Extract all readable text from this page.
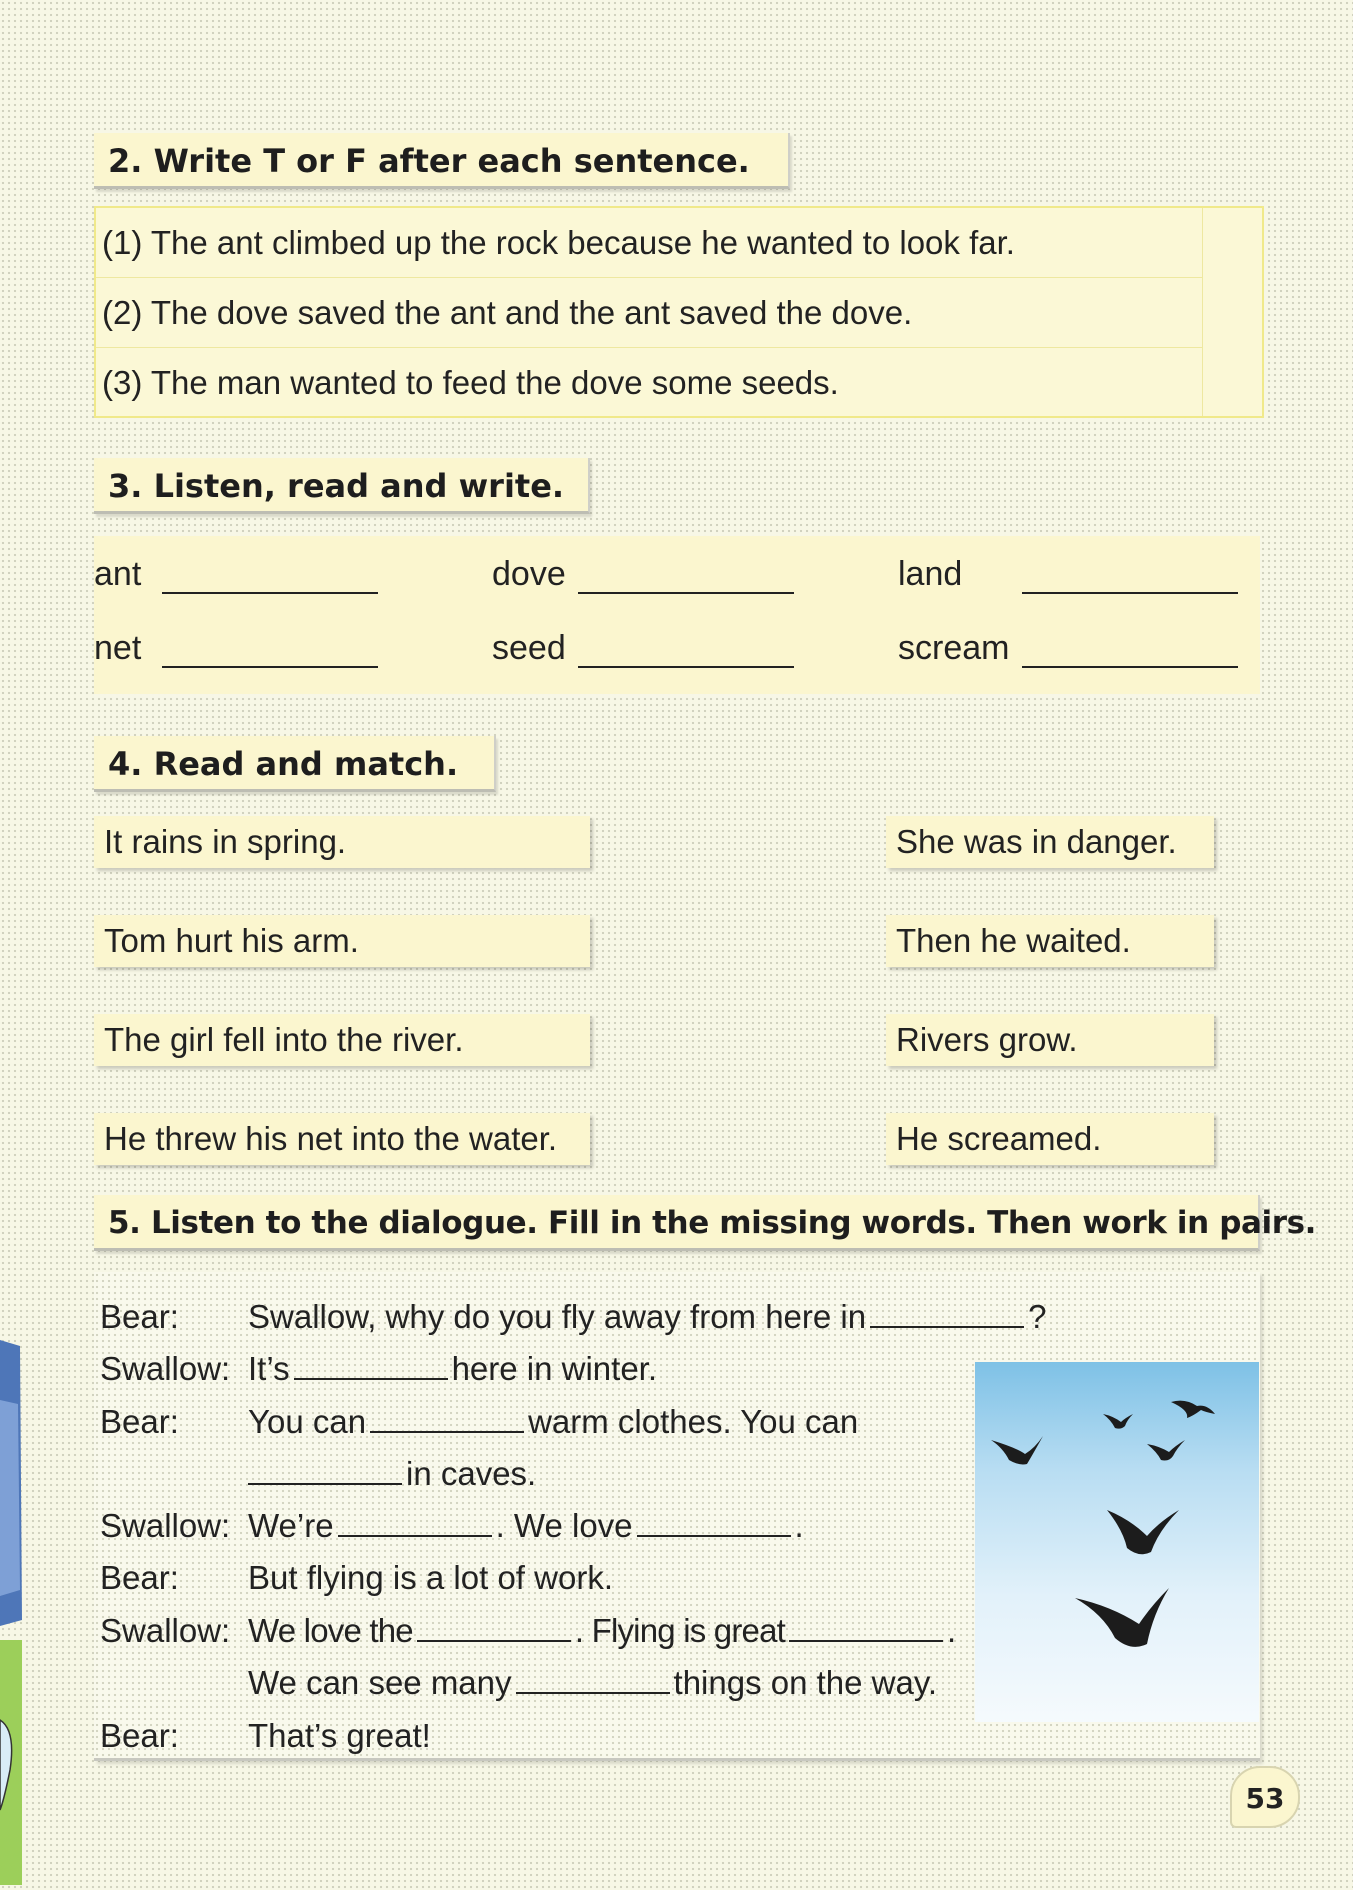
2. Write T or F after each sentence.
(1) The ant climbed up the rock because he wanted to look far.
(2) The dove saved the ant and the ant saved the dove.
(3) The man wanted to feed the dove some seeds.
3. Listen, read and write.
ant	dove	land
net	seed	scream
4. Read and match.
It rains in spring.
Tom hurt his arm.
The girl fell into the river.
He threw his net into the water.
She was in danger.
Then he waited.
Rivers grow.
He screamed.
5. Listen to the dialogue. Fill in the missing words. Then work in pairs.
Bear: Swallow, why do you fly away from here in	?
Swallow: It’s	here in winter.
Bear: You can	warm clothes. You can
in caves.
Swallow: We’re	. We love	.
Bear: But flying is a lot of work.
Swallow: We love the	. Flying is great	.
We can see many	things on the way.
Bear: That’s great!
53
